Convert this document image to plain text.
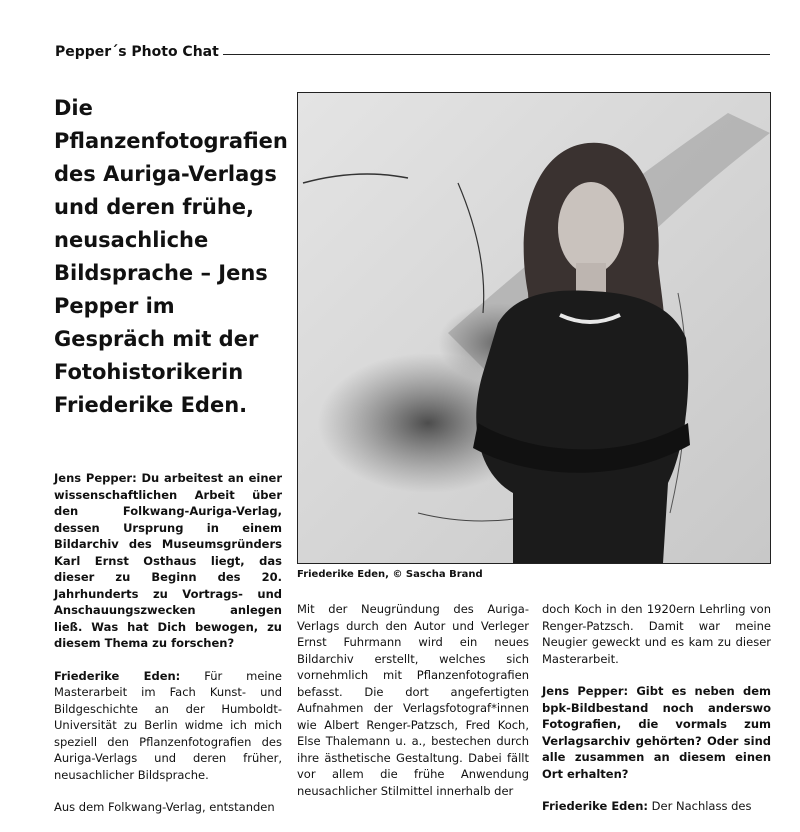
Pepper´s Photo Chat
Die Pflanzenfotografien des Auriga-Verlags und deren frühe, neusachliche Bildsprache – Jens Pepper im Gespräch mit der Fotohistorikerin Friederike Eden.
Friederike Eden, © Sascha Brand

Jens Pepper: Du arbeitest an einer wissenschaftlichen Arbeit über den Folkwang-Auriga-Verlag, dessen Ursprung in einem Bildarchiv des Museumsgründers Karl Ernst Osthaus liegt, das dieser zu Beginn des 20. Jahrhunderts zu Vortrags- und Anschauungszwecken anlegen ließ. Was hat Dich bewogen, zu diesem Thema zu forschen?

Friederike Eden: Für meine Masterarbeit im Fach Kunst- und Bildgeschichte an der Humboldt-Universität zu Berlin widme ich mich speziell den Pflanzenfotografien des Auriga-Verlags und deren früher, neusachlicher Bildsprache.

Aus dem Folkwang-Verlag, entstanden

Mit der Neugründung des Auriga-Verlags durch den Autor und Verleger Ernst Fuhrmann wird ein neues Bildarchiv erstellt, welches sich vornehmlich mit Pflanzenfotografien befasst. Die dort angefertigten Aufnahmen der Verlagsfotograf*innen wie Albert Renger-Patzsch, Fred Koch, Else Thalemann u. a., bestechen durch ihre ästhetische Gestaltung. Dabei fällt vor allem die frühe Anwendung neusachlicher Stilmittel innerhalb der

doch Koch in den 1920ern Lehrling von Renger-Patzsch. Damit war meine Neugier geweckt und es kam zu dieser Masterarbeit.

Jens Pepper: Gibt es neben dem bpk-Bildbestand noch anderswo Fotografien, die vormals zum Verlagsarchiv gehörten? Oder sind alle zusammen an diesem einen Ort erhalten?

Friederike Eden: Der Nachlass des
